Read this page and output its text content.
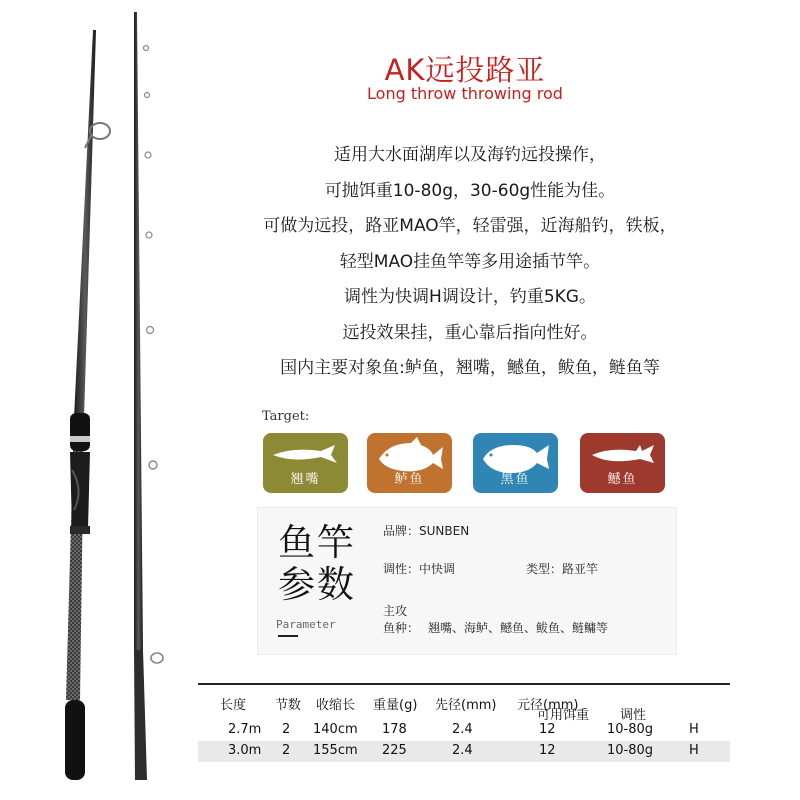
AK远投路亚
Long throw throwing rod
适用大水面湖库以及海钓远投操作，
可抛饵重10-80g，30-60g性能为佳。
可做为远投，路亚MAO竿，轻雷强，近海船钓，铁板，
轻型MAO挂鱼竿等多用途插节竿。
调性为快调H调设计，钓重5KG。
远投效果挂，重心靠后指向性好。
国内主要对象鱼:鲈鱼，翘嘴，鳡鱼，鲅鱼，鲢鱼等
Target:
翘嘴	鲈鱼	黑鱼	鳡鱼
鱼竿
参数
Parameter
品牌：SUNBEN
调性：中快调	类型：路亚竿
主攻
鱼种： 翘嘴、海鲈、鳡鱼、鲅鱼、鲢鳙等
长度 节数 收缩长 重量(g) 先径(mm) 元径(mm)
可用饵重 调性
2.7m 2 140cm 178	2.4	12	10-80g	H
3.0m 2 155cm 225	2.4	12	10-80g	H
